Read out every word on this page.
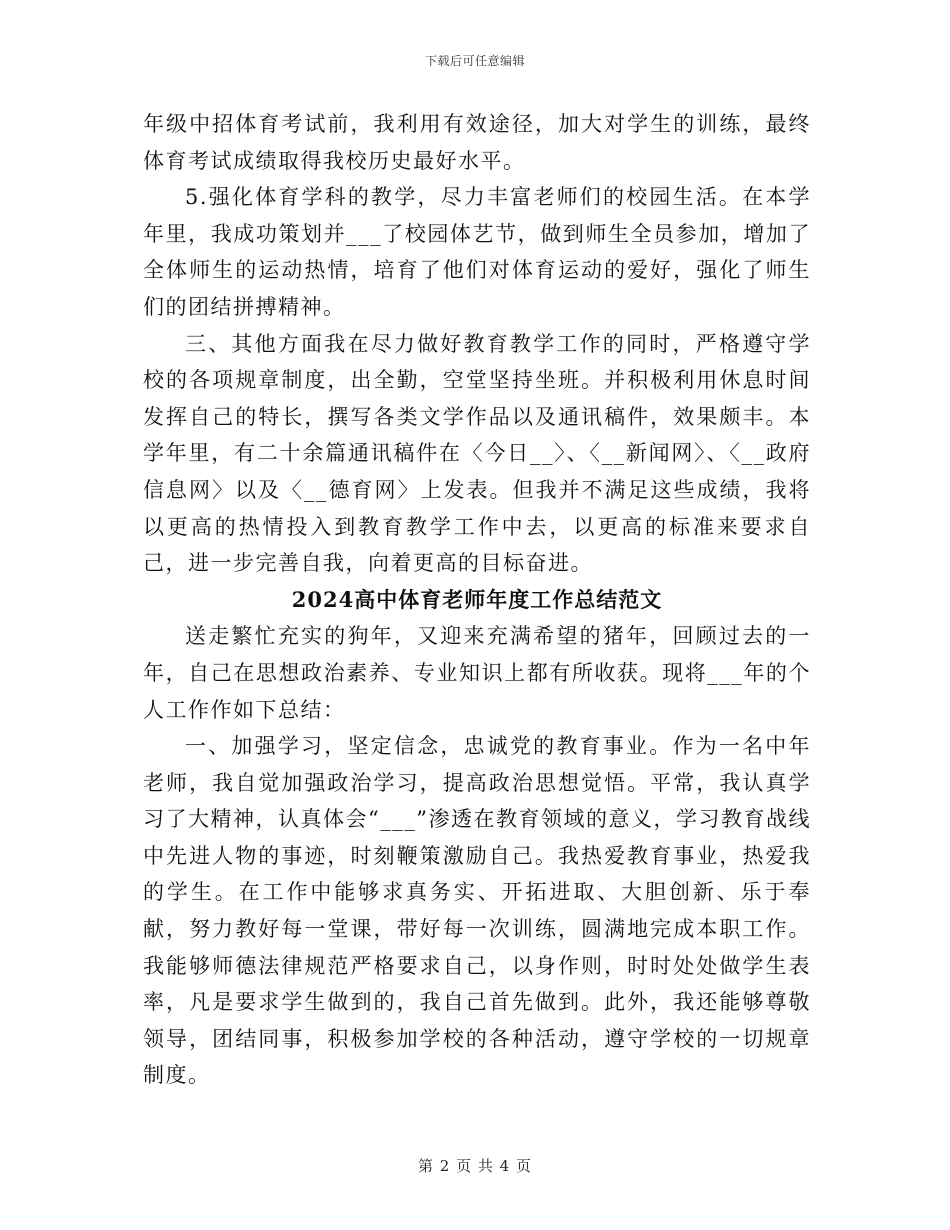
下载后可任意编辑

年级中招体育考试前，我利用有效途径，加大对学生的训练，最终体育考试成绩取得我校历史最好水平。

5.强化体育学科的教学，尽力丰富老师们的校园生活。在本学年里，我成功策划并___了校园体艺节，做到师生全员参加，增加了全体师生的运动热情，培育了他们对体育运动的爱好，强化了师生们的团结拼搏精神。

三、其他方面我在尽力做好教育教学工作的同时，严格遵守学校的各项规章制度，出全勤，空堂坚持坐班。并积极利用休息时间发挥自己的特长，撰写各类文学作品以及通讯稿件，效果颇丰。本学年里，有二十余篇通讯稿件在〈今日__〉、〈__新闻网〉、〈__政府信息网〉以及〈__德育网〉上发表。但我并不满足这些成绩，我将以更高的热情投入到教育教学工作中去，以更高的标准来要求自己，进一步完善自我，向着更高的目标奋进。

2024高中体育老师年度工作总结范文

送走繁忙充实的狗年，又迎来充满希望的猪年，回顾过去的一年，自己在思想政治素养、专业知识上都有所收获。现将___年的个人工作作如下总结：

一、加强学习，坚定信念，忠诚党的教育事业。作为一名中年老师，我自觉加强政治学习，提高政治思想觉悟。平常，我认真学习了大精神，认真体会“___”渗透在教育领域的意义，学习教育战线中先进人物的事迹，时刻鞭策激励自己。我热爱教育事业，热爱我的学生。在工作中能够求真务实、开拓进取、大胆创新、乐于奉献，努力教好每一堂课，带好每一次训练，圆满地完成本职工作。我能够师德法律规范严格要求自己，以身作则，时时处处做学生表率，凡是要求学生做到的，我自己首先做到。此外，我还能够尊敬领导，团结同事，积极参加学校的各种活动，遵守学校的一切规章制度。

第 2 页 共 4 页
